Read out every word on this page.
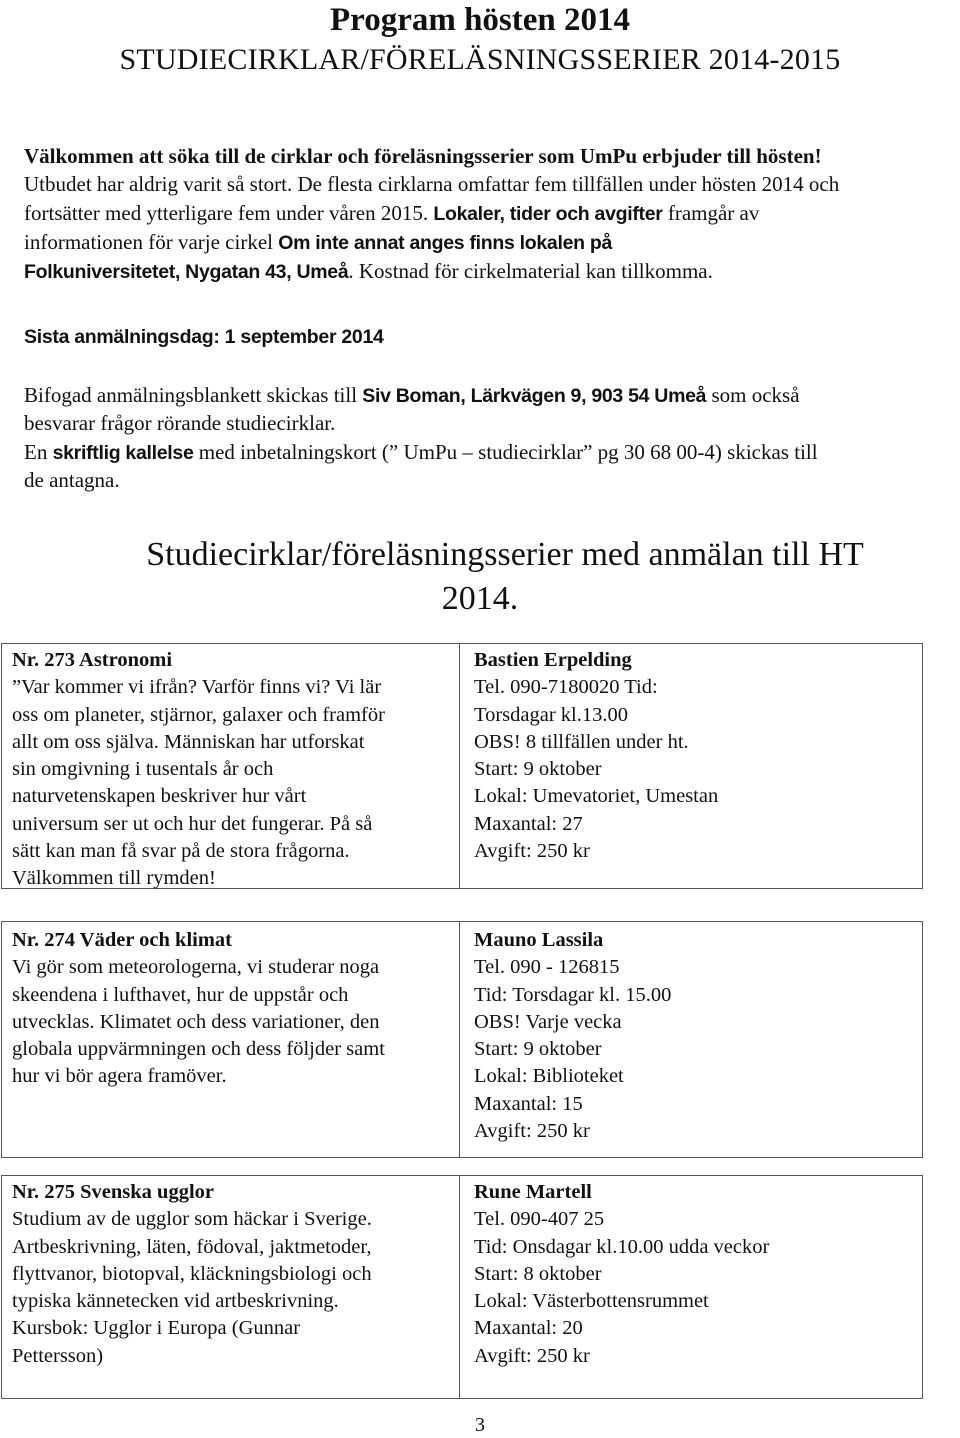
Program hösten 2014
STUDIECIRKLAR/FÖRELÄSNINGSSERIER 2014-2015
Välkommen att söka till de cirklar och föreläsningsserier som UmPu erbjuder till hösten!
Utbudet har aldrig varit så stort. De flesta cirklarna omfattar fem tillfällen under hösten 2014 och
fortsätter med ytterligare fem under våren 2015. Lokaler, tider och avgifter framgår av
informationen för varje cirkel Om inte annat anges finns lokalen på
Folkuniversitetet, Nygatan 43, Umeå. Kostnad för cirkelmaterial kan tillkomma.
Sista anmälningsdag: 1 september 2014
Bifogad anmälningsblankett skickas till Siv Boman, Lärkvägen 9, 903 54 Umeå som också
besvarar frågor rörande studiecirklar.
En skriftlig kallelse med inbetalningskort (” UmPu – studiecirklar” pg 30 68 00-4) skickas till
de antagna.
Studiecirklar/föreläsningsserier med anmälan till HT
2014.
Nr. 273 Astronomi
”Var kommer vi ifrån? Varför finns vi? Vi lär
oss om planeter, stjärnor, galaxer och framför
allt om oss själva. Människan har utforskat
sin omgivning i tusentals år och
naturvetenskapen beskriver hur vårt
universum ser ut och hur det fungerar. På så
sätt kan man få svar på de stora frågorna.
Välkommen till rymden!
Bastien Erpelding
Tel. 090-7180020 Tid:
Torsdagar kl.13.00
OBS! 8 tillfällen under ht.
Start: 9 oktober
Lokal: Umevatoriet, Umestan
Maxantal: 27
Avgift: 250 kr
Nr. 274 Väder och klimat
Vi gör som meteorologerna, vi studerar noga
skeendena i lufthavet, hur de uppstår och
utvecklas. Klimatet och dess variationer, den
globala uppvärmningen och dess följder samt
hur vi bör agera framöver.
Mauno Lassila
Tel. 090 - 126815
Tid: Torsdagar kl. 15.00
OBS! Varje vecka
Start: 9 oktober
Lokal: Biblioteket
Maxantal: 15
Avgift: 250 kr
Nr. 275 Svenska ugglor
Studium av de ugglor som häckar i Sverige.
Artbeskrivning, läten, födoval, jaktmetoder,
flyttvanor, biotopval, kläckningsbiologi och
typiska kännetecken vid artbeskrivning.
Kursbok: Ugglor i Europa (Gunnar
Pettersson)
Rune Martell
Tel. 090-407 25
Tid: Onsdagar kl.10.00 udda veckor
Start: 8 oktober
Lokal: Västerbottensrummet
Maxantal: 20
Avgift: 250 kr
3
